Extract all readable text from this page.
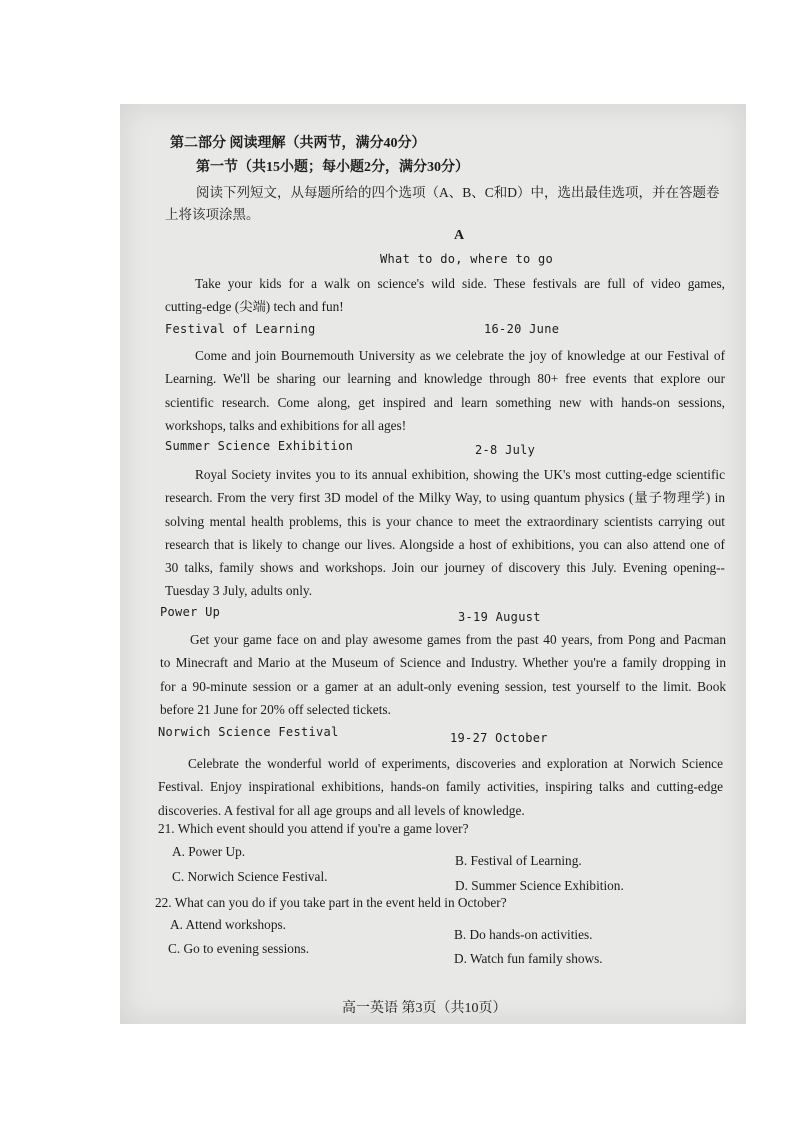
第二部分 阅读理解（共两节，满分40分）
第一节（共15小题；每小题2分，满分30分）
阅读下列短文，从每题所给的四个选项（A、B、C和D）中，选出最佳选项，并在答题卷
上将该项涂黑。
A
What to do, where to go

Take your kids for a walk on science's wild side. These festivals are full of video games,

cutting-edge (尖端) tech and fun!

Festival of Learning	16-20 June

Come and join Bournemouth University as we celebrate the joy of knowledge at our Festival of

Learning. We'll be sharing our learning and knowledge through 80+ free events that explore our

scientific research. Come along, get inspired and learn something new with hands-on sessions,

workshops, talks and exhibitions for all ages!

Summer Science Exhibition	2-8 July

Royal Society invites you to its annual exhibition, showing the UK's most cutting-edge scientific

research. From the very first 3D model of the Milky Way, to using quantum physics (量子物理学) in

solving mental health problems, this is your chance to meet the extraordinary scientists carrying out

research that is likely to change our lives. Alongside a host of exhibitions, you can also attend one of

30 talks, family shows and workshops. Join our journey of discovery this July. Evening opening--

Tuesday 3 July, adults only.

Power Up	3-19 August

Get your game face on and play awesome games from the past 40 years, from Pong and Pacman

to Minecraft and Mario at the Museum of Science and Industry. Whether you're a family dropping in

for a 90-minute session or a gamer at an adult-only evening session, test yourself to the limit. Book

before 21 June for 20% off selected tickets.

Norwich Science Festival	19-27 October

Celebrate the wonderful world of experiments, discoveries and exploration at Norwich Science

Festival. Enjoy inspirational exhibitions, hands-on family activities, inspiring talks and cutting-edge

discoveries. A festival for all age groups and all levels of knowledge.

21. Which event should you attend if you're a game lover?
A. Power Up.
B. Festival of Learning.
C. Norwich Science Festival.
D. Summer Science Exhibition.
22. What can you do if you take part in the event held in October?
A. Attend workshops.
B. Do hands-on activities.
C. Go to evening sessions.
D. Watch fun family shows.
高一英语 第3页（共10页）
